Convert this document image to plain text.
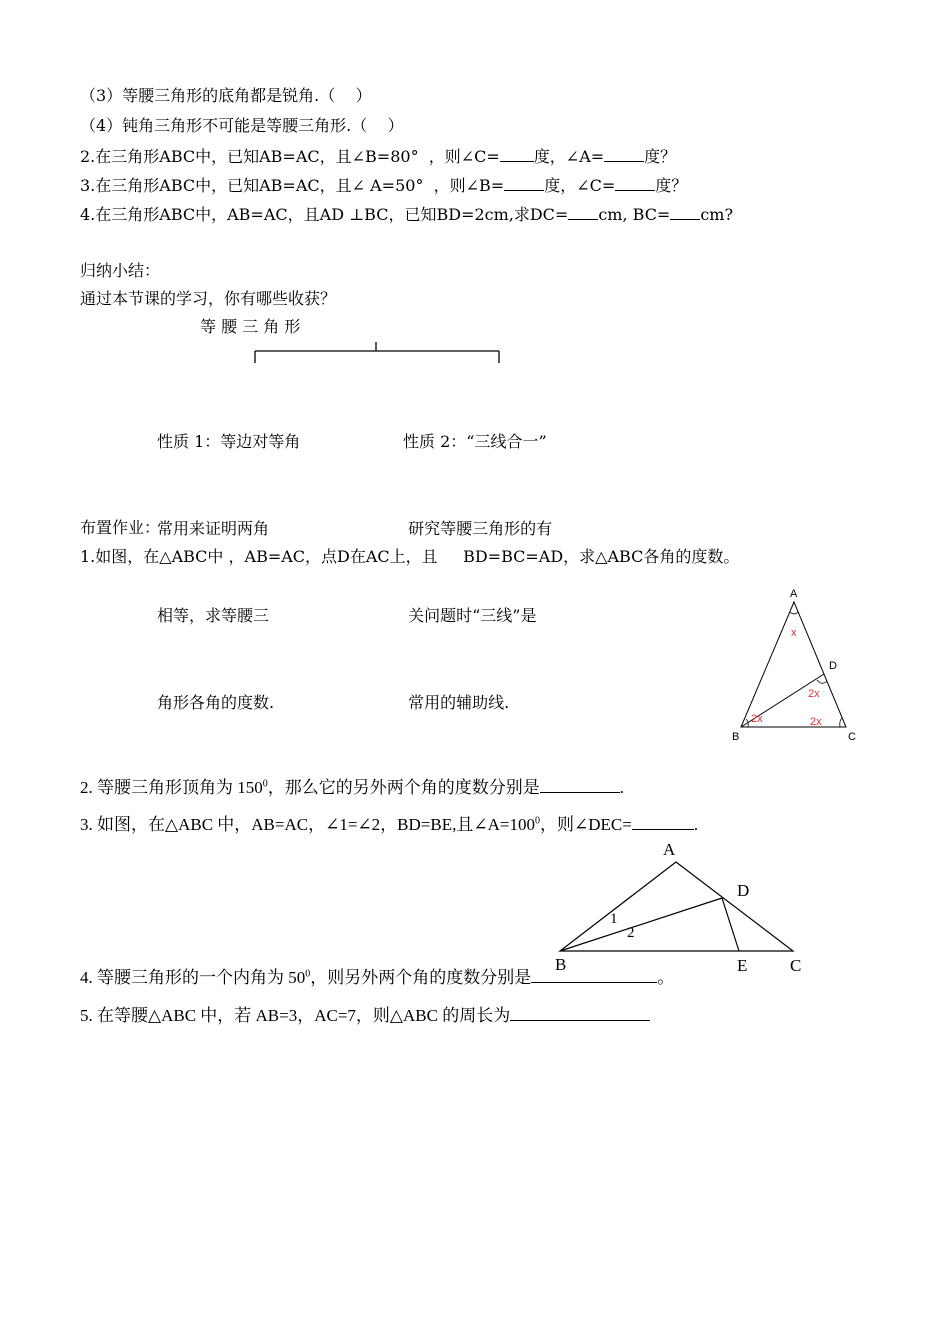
（3）等腰三角形的底角都是锐角.（    ）
（4）钝角三角形不可能是等腰三角形.（    ）
2.在三角形ABC中，已知AB=AC，且∠B=80°  ，则∠C= 度，∠A=	度？
3.在三角形ABC中，已知AB=AC，且∠ A=50°  ，则∠B=	度，∠C=	度？
4.在三角形ABC中，AB=AC，且AD ⊥BC，已知BD=2cm,求DC= cm, BC= cm?
归纳小结：
通过本节课的学习，你有哪些收获？
等 腰 三 角 形

性质 1：等边对等角

常用来证明两角

相等，求等腰三

角形各角的度数.

性质 2：“三线合一”

研究等腰三角形的有

关问题时“三线”是

常用的辅助线.

布置作业：
1.如图，在△ABC中 ，AB=AC，点D在AC上，且     BD=BC=AD，求△ABC各角的度数。
A
D
B	C
x
2x
2x	2x
2. 等腰三角形顶角为 $150^0$，那么它的另外两个角的度数分别是	.
3. 如图，在△ABC 中，AB=AC，∠1=∠2，BD=BE,且$\angle A=100^0$，则∠DEC=	.
A
D
1
2
B	E	C
4. 等腰三角形的一个内角为 $50^0$，则另外两个角的度数分别是	。
5. 在等腰△ABC 中，若 AB=3，AC=7，则△ABC 的周长为
